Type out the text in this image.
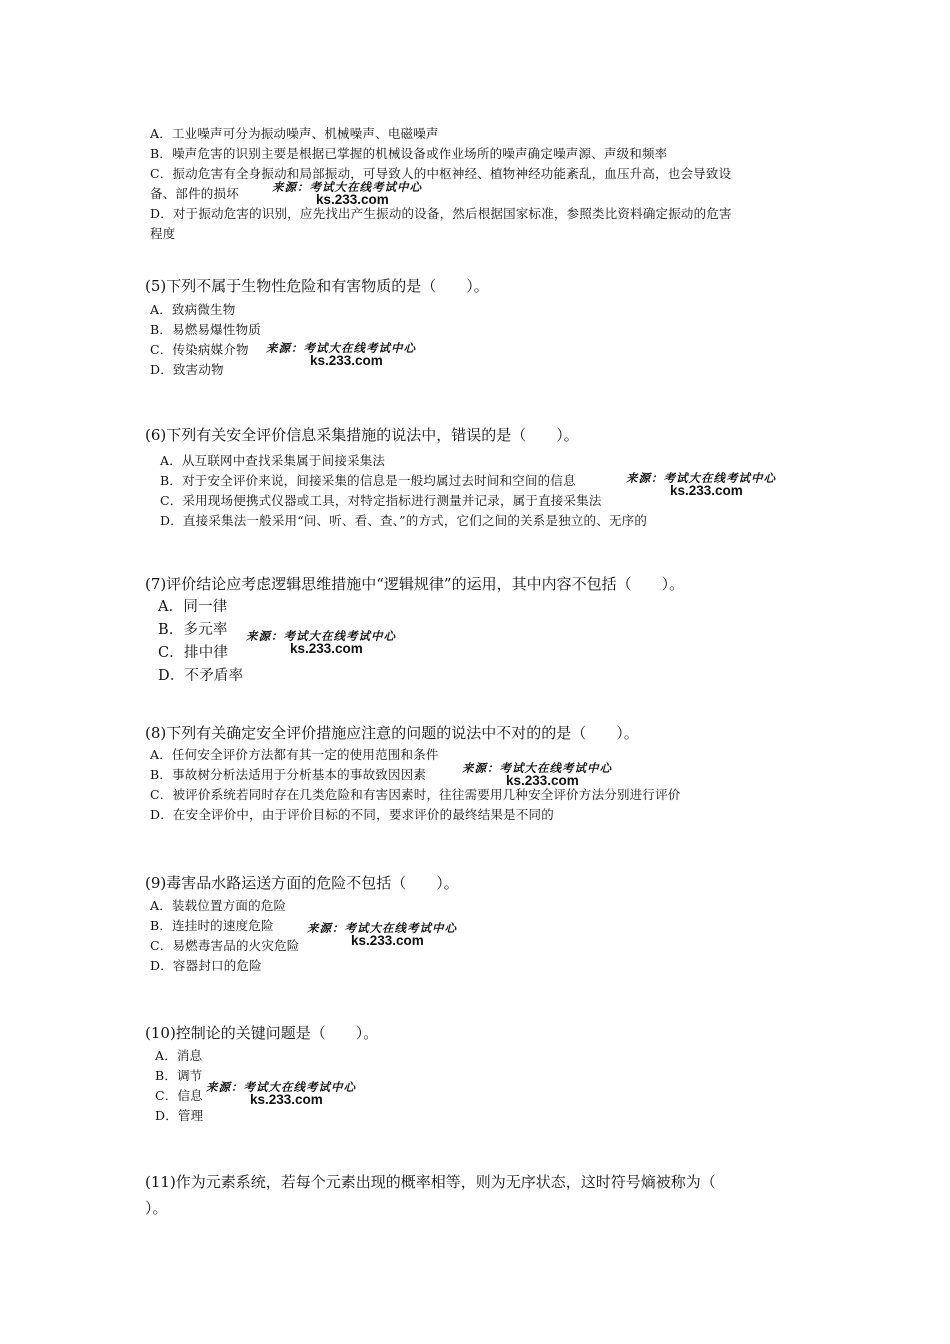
A．工业噪声可分为振动噪声、机械噪声、电磁噪声
B．噪声危害的识别主要是根据已掌握的机械设备或作业场所的噪声确定噪声源、声级和频率
C．振动危害有全身振动和局部振动，可导致人的中枢神经、植物神经功能紊乱，血压升高，也会导致设
备、部件的损坏
D．对于振动危害的识别，应先找出产生振动的设备，然后根据国家标准，参照类比资料确定振动的危害
程度
来源：考试大在线考试中心
ks.233.com
(5)下列不属于生物性危险和有害物质的是（　　）。
A．致病微生物
B．易燃易爆性物质
C．传染病媒介物
D．致害动物
来源：考试大在线考试中心
ks.233.com
(6)下列有关安全评价信息采集措施的说法中，错误的是（　　）。
A．从互联网中查找采集属于间接采集法
B．对于安全评价来说，间接采集的信息是一般均属过去时间和空间的信息
C．采用现场便携式仪器或工具，对特定指标进行测量并记录，属于直接采集法
D．直接采集法一般采用“问、听、看、查、”的方式，它们之间的关系是独立的、无序的
来源：考试大在线考试中心
ks.233.com
(7)评价结论应考虑逻辑思维措施中“逻辑规律”的运用，其中内容不包括（　　）。
A．同一律
B．多元率
C．排中律
D．不矛盾率
来源：考试大在线考试中心
ks.233.com
(8)下列有关确定安全评价措施应注意的问题的说法中不对的的是（　　）。
A．任何安全评价方法都有其一定的使用范围和条件
B．事故树分析法适用于分析基本的事故致因因素
C．被评价系统若同时存在几类危险和有害因素时，往往需要用几种安全评价方法分别进行评价
D．在安全评价中，由于评价目标的不同，要求评价的最终结果是不同的
来源：考试大在线考试中心
ks.233.com
(9)毒害品水路运送方面的危险不包括（　　）。
A．装载位置方面的危险
B．连挂时的速度危险
C．易燃毒害品的火灾危险
D．容器封口的危险
来源：考试大在线考试中心
ks.233.com
(10)控制论的关键问题是（　　）。
A．消息
B．调节
C．信息
D．管理
来源：考试大在线考试中心
ks.233.com
(11)作为元素系统，若每个元素出现的概率相等，则为无序状态，这时符号熵被称为（
）。
